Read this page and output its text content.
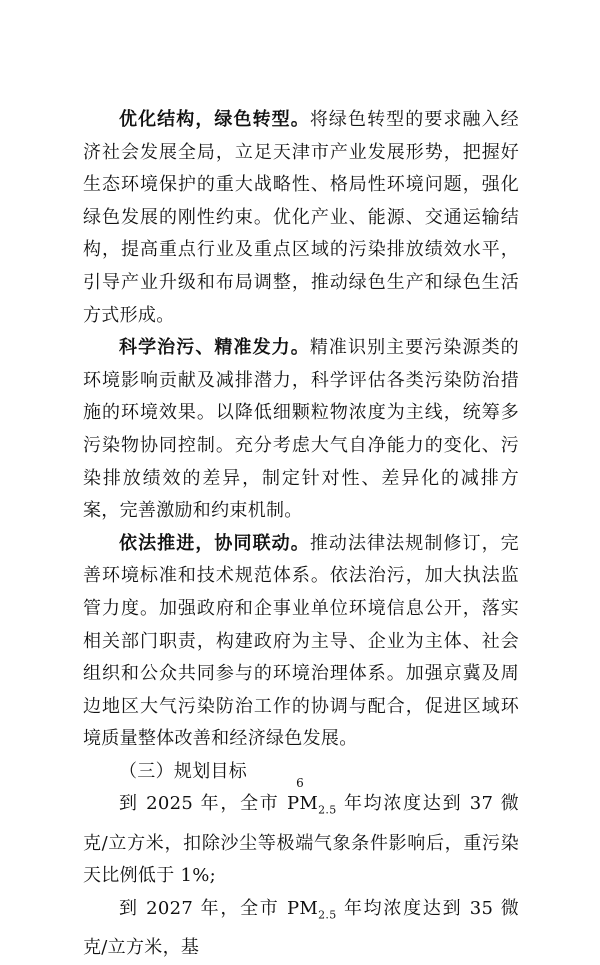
优化结构，绿色转型。将绿色转型的要求融入经济社会发展全局，立足天津市产业发展形势，把握好生态环境保护的重大战略性、格局性环境问题，强化绿色发展的刚性约束。优化产业、能源、交通运输结构，提高重点行业及重点区域的污染排放绩效水平，引导产业升级和布局调整，推动绿色生产和绿色生活方式形成。

科学治污、精准发力。精准识别主要污染源类的环境影响贡献及减排潜力，科学评估各类污染防治措施的环境效果。以降低细颗粒物浓度为主线，统筹多污染物协同控制。充分考虑大气自净能力的变化、污染排放绩效的差异，制定针对性、差异化的减排方案，完善激励和约束机制。

依法推进，协同联动。推动法律法规制修订，完善环境标准和技术规范体系。依法治污，加大执法监管力度。加强政府和企事业单位环境信息公开，落实相关部门职责，构建政府为主导、企业为主体、社会组织和公众共同参与的环境治理体系。加强京冀及周边地区大气污染防治工作的协调与配合，促进区域环境质量整体改善和经济绿色发展。

（三）规划目标

到 2025 年，全市 $PM_{2.5}$ 年均浓度达到 37 微克/立方米，扣除沙尘等极端气象条件影响后，重污染天比例低于 1%;

到 2027 年，全市 $PM_{2.5}$ 年均浓度达到 35 微克/立方米，基

6
